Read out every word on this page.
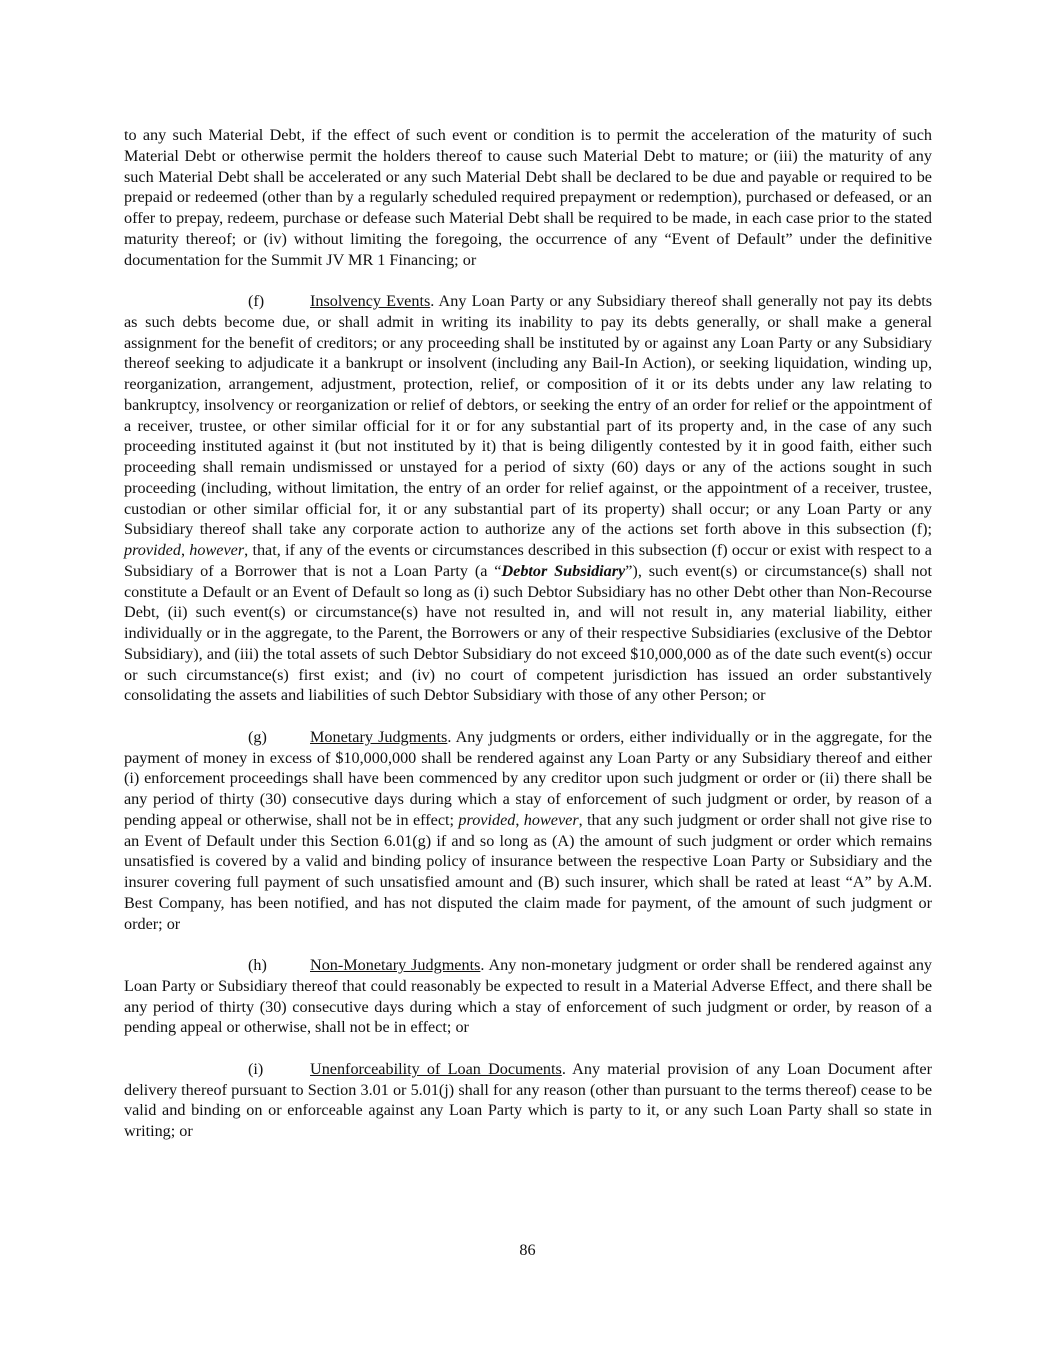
to any such Material Debt, if the effect of such event or condition is to permit the acceleration of the maturity of such Material Debt or otherwise permit the holders thereof to cause such Material Debt to mature; or (iii) the maturity of any such Material Debt shall be accelerated or any such Material Debt shall be declared to be due and payable or required to be prepaid or redeemed (other than by a regularly scheduled required prepayment or redemption), purchased or defeased, or an offer to prepay, redeem, purchase or defease such Material Debt shall be required to be made, in each case prior to the stated maturity thereof; or (iv) without limiting the foregoing, the occurrence of any “Event of Default” under the definitive documentation for the Summit JV MR 1 Financing; or

(f)	Insolvency Events. Any Loan Party or any Subsidiary thereof shall generally not pay its debts as such debts become due, or shall admit in writing its inability to pay its debts generally, or shall make a general assignment for the benefit of creditors; or any proceeding shall be instituted by or against any Loan Party or any Subsidiary thereof seeking to adjudicate it a bankrupt or insolvent (including any Bail-In Action), or seeking liquidation, winding up, reorganization, arrangement, adjustment, protection, relief, or composition of it or its debts under any law relating to bankruptcy, insolvency or reorganization or relief of debtors, or seeking the entry of an order for relief or the appointment of a receiver, trustee, or other similar official for it or for any substantial part of its property and, in the case of any such proceeding instituted against it (but not instituted by it) that is being diligently contested by it in good faith, either such proceeding shall remain undismissed or unstayed for a period of sixty (60) days or any of the actions sought in such proceeding (including, without limitation, the entry of an order for relief against, or the appointment of a receiver, trustee, custodian or other similar official for, it or any substantial part of its property) shall occur; or any Loan Party or any Subsidiary thereof shall take any corporate action to authorize any of the actions set forth above in this subsection (f); provided, however, that, if any of the events or circumstances described in this subsection (f) occur or exist with respect to a Subsidiary of a Borrower that is not a Loan Party (a “Debtor Subsidiary”), such event(s) or circumstance(s) shall not constitute a Default or an Event of Default so long as (i) such Debtor Subsidiary has no other Debt other than Non-Recourse Debt, (ii) such event(s) or circumstance(s) have not resulted in, and will not result in, any material liability, either individually or in the aggregate, to the Parent, the Borrowers or any of their respective Subsidiaries (exclusive of the Debtor Subsidiary), and (iii) the total assets of such Debtor Subsidiary do not exceed $10,000,000 as of the date such event(s) occur or such circumstance(s) first exist; and (iv) no court of competent jurisdiction has issued an order substantively consolidating the assets and liabilities of such Debtor Subsidiary with those of any other Person; or

(g)	Monetary Judgments. Any judgments or orders, either individually or in the aggregate, for the payment of money in excess of $10,000,000 shall be rendered against any Loan Party or any Subsidiary thereof and either (i) enforcement proceedings shall have been commenced by any creditor upon such judgment or order or (ii) there shall be any period of thirty (30) consecutive days during which a stay of enforcement of such judgment or order, by reason of a pending appeal or otherwise, shall not be in effect; provided, however, that any such judgment or order shall not give rise to an Event of Default under this Section 6.01(g) if and so long as (A) the amount of such judgment or order which remains unsatisfied is covered by a valid and binding policy of insurance between the respective Loan Party or Subsidiary and the insurer covering full payment of such unsatisfied amount and (B) such insurer, which shall be rated at least “A” by A.M. Best Company, has been notified, and has not disputed the claim made for payment, of the amount of such judgment or order; or

(h)	Non-Monetary Judgments. Any non-monetary judgment or order shall be rendered against any Loan Party or Subsidiary thereof that could reasonably be expected to result in a Material Adverse Effect, and there shall be any period of thirty (30) consecutive days during which a stay of enforcement of such judgment or order, by reason of a pending appeal or otherwise, shall not be in effect; or

(i)	Unenforceability of Loan Documents. Any material provision of any Loan Document after delivery thereof pursuant to Section 3.01 or 5.01(j) shall for any reason (other than pursuant to the terms thereof) cease to be valid and binding on or enforceable against any Loan Party which is party to it, or any such Loan Party shall so state in writing; or

86
